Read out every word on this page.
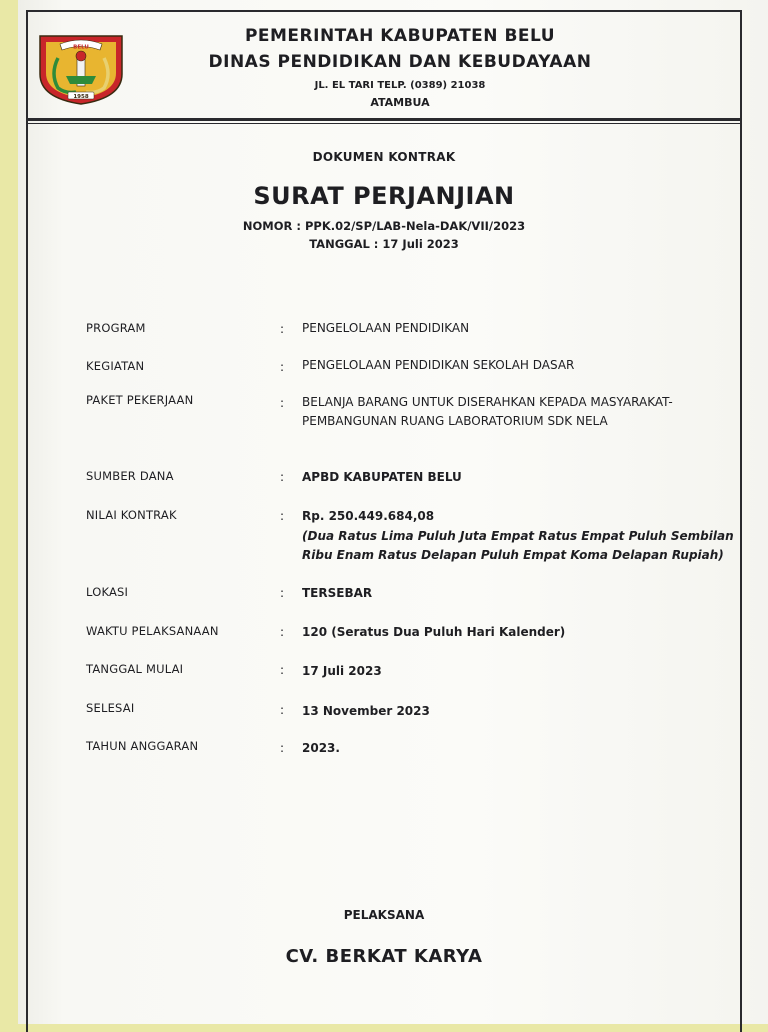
BELU
1958
PEMERINTAH KABUPATEN BELU
DINAS PENDIDIKAN DAN KEBUDAYAAN
JL. EL TARI TELP. (0389) 21038
ATAMBUA
DOKUMEN KONTRAK
SURAT PERJANJIAN
NOMOR : PPK.02/SP/LAB-Nela-DAK/VII/2023
TANGGAL : 17 Juli 2023
PROGRAM	: PENGELOLAAN PENDIDIKAN
KEGIATAN	: PENGELOLAAN PENDIDIKAN SEKOLAH DASAR
PAKET PEKERJAAN	: BELANJA BARANG UNTUK DISERAHKAN KEPADA MASYARAKAT-
PEMBANGUNAN RUANG LABORATORIUM SDK NELA
SUMBER DANA	: APBD KABUPATEN BELU
NILAI KONTRAK	: Rp. 250.449.684,08
(Dua Ratus Lima Puluh Juta Empat Ratus Empat Puluh Sembilan
Ribu Enam Ratus Delapan Puluh Empat Koma Delapan Rupiah)
LOKASI	: TERSEBAR
WAKTU PELAKSANAAN	: 120 (Seratus Dua Puluh Hari Kalender)
TANGGAL MULAI	: 17 Juli 2023
SELESAI	: 13 November 2023
TAHUN ANGGARAN	: 2023.
PELAKSANA
CV. BERKAT KARYA
